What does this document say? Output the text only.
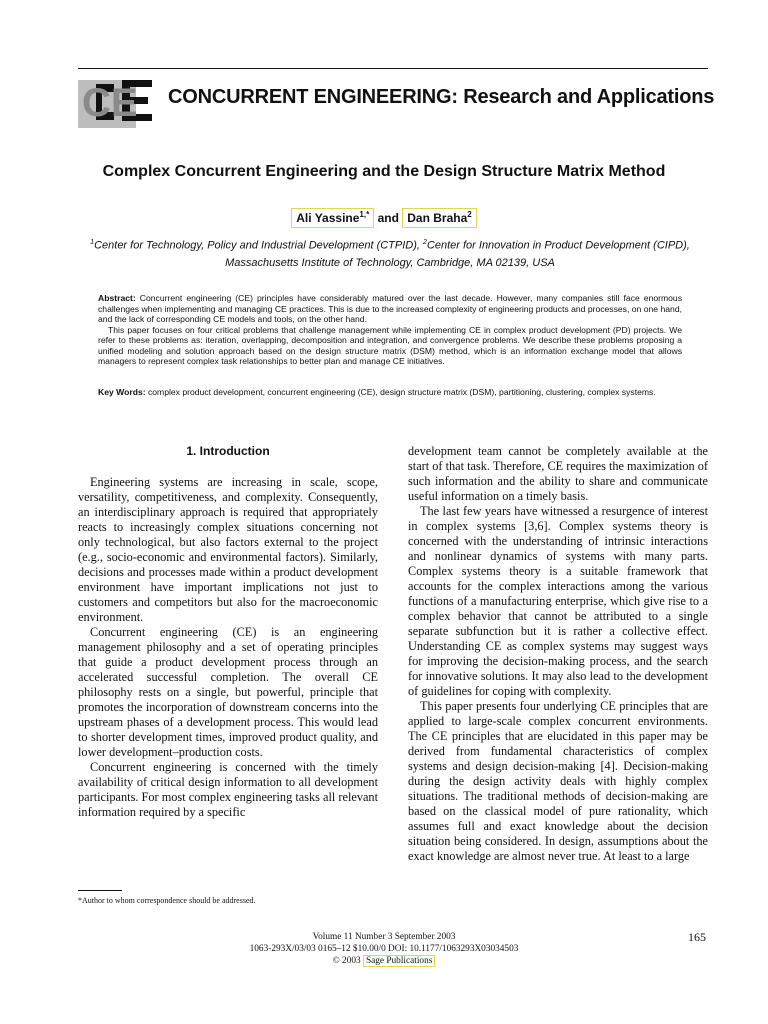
CE CONCURRENT ENGINEERING: Research and Applications
Complex Concurrent Engineering and the Design Structure Matrix Method
Ali Yassine$^{1,*}$ and Dan Braha$^2$
$^1$Center for Technology, Policy and Industrial Development (CTPID), $^2$Center for Innovation in Product Development (CIPD),
Massachusetts Institute of Technology, Cambridge, MA 02139, USA

Abstract: Concurrent engineering (CE) principles have considerably matured over the last decade. However, many companies still face enormous challenges when implementing and managing CE practices. This is due to the increased complexity of engineering products and processes, on one hand, and the lack of corresponding CE models and tools, on the other hand.

This paper focuses on four critical problems that challenge management while implementing CE in complex product development (PD) projects. We refer to these problems as: iteration, overlapping, decomposition and integration, and convergence problems. We describe these problems proposing a unified modeling and solution approach based on the design structure matrix (DSM) method, which is an information exchange model that allows managers to represent complex task relationships to better plan and manage CE initiatives.

Key Words: complex product development, concurrent engineering (CE), design structure matrix (DSM), partitioning, clustering, complex systems.
1. Introduction

Engineering systems are increasing in scale, scope, versatility, competitiveness, and complexity. Consequently, an interdisciplinary approach is required that appropriately reacts to increasingly complex situations concerning not only technological, but also factors external to the project (e.g., socio-economic and environmental factors). Similarly, decisions and processes made within a product development environment have important implications not just to customers and competitors but also for the macroeconomic environment.

Concurrent engineering (CE) is an engineering management philosophy and a set of operating principles that guide a product development process through an accelerated successful completion. The overall CE philosophy rests on a single, but powerful, principle that promotes the incorporation of downstream concerns into the upstream phases of a development process. This would lead to shorter development times, improved product quality, and lower development–production costs.

Concurrent engineering is concerned with the timely availability of critical design information to all development participants. For most complex engineering tasks all relevant information required by a specific

development team cannot be completely available at the start of that task. Therefore, CE requires the maximization of such information and the ability to share and communicate useful information on a timely basis.

The last few years have witnessed a resurgence of interest in complex systems [3,6]. Complex systems theory is concerned with the understanding of intrinsic interactions and nonlinear dynamics of systems with many parts. Complex systems theory is a suitable framework that accounts for the complex interactions among the various functions of a manufacturing enterprise, which give rise to a complex behavior that cannot be attributed to a single separate subfunction but it is rather a collective effect. Understanding CE as complex systems may suggest ways for improving the decision-making process, and the search for innovative solutions. It may also lead to the development of guidelines for coping with complexity.

This paper presents four underlying CE principles that are applied to large-scale complex concurrent environments. The CE principles that are elucidated in this paper may be derived from fundamental characteristics of complex systems and design decision-making [4]. Decision-making during the design activity deals with highly complex situations. The traditional methods of decision-making are based on the classical model of pure rationality, which assumes full and exact knowledge about the decision situation being considered. In design, assumptions about the exact knowledge are almost never true. At least to a large

*Author to whom correspondence should be addressed.
Volume 11 Number 3 September 2003	165
1063-293X/03/03 0165–12 $10.00/0 DOI: 10.1177/1063293X03034503
© 2003 Sage Publications
